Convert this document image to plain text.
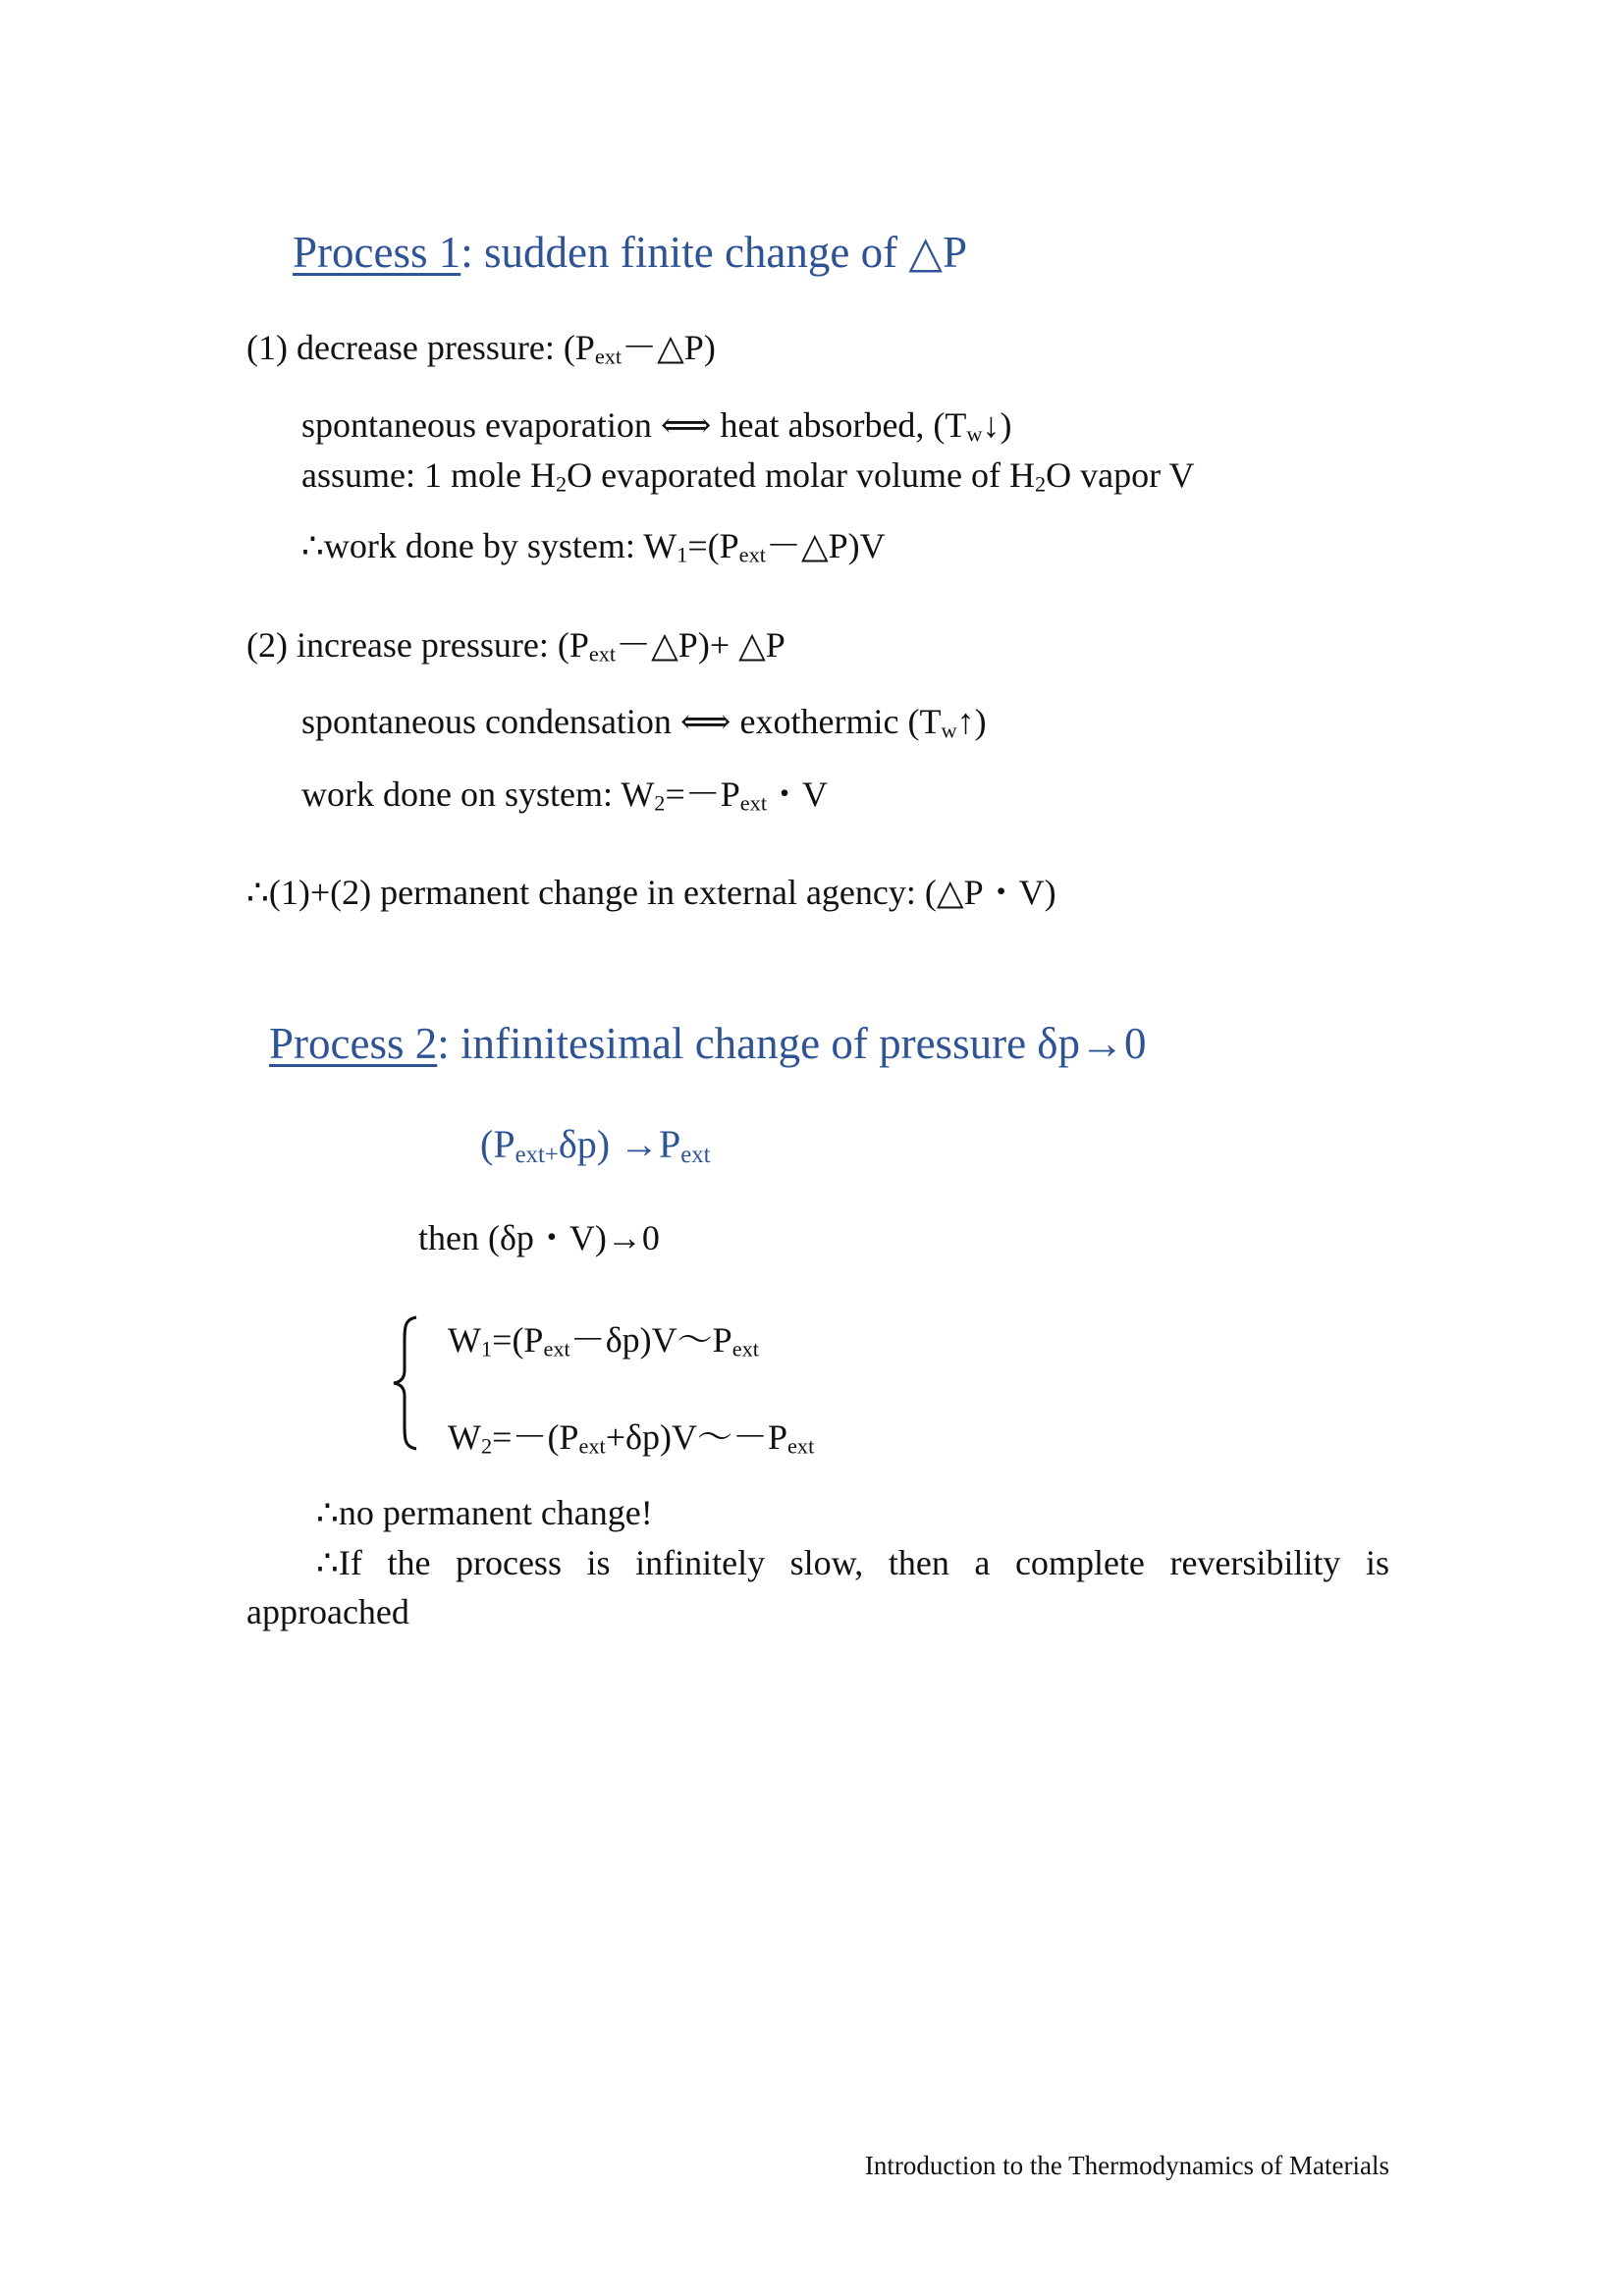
Process 1: sudden finite change of △P
(1) decrease pressure: $(P_{ext}-\triangle P)$
spontaneous evaporation ⟺ heat absorbed, $(T_w↓)$
assume: 1 mole $H_2O$ evaporated molar volume of $H_2O$ vapor V
∴work done by system: $W_1=(P_{ext}-\triangle P)V$
(2) increase pressure: $(P_{ext}-\triangle P)+$ △P
spontaneous condensation ⟺ exothermic $(T_w↑)$
work done on system: $W_2=-P_{ext}$・V
∴(1)+(2) permanent change in external agency: (△P・V)
Process 2: infinitesimal change of pressure δp→0
$(P_{ext+}\delta p) \to P_{ext}$
then (δp・V)→0
$W_1=(P_{ext}-\delta p)V\sim P_{ext}$
$W_2=-(P_{ext}+\delta p)V\sim-P_{ext}$
∴no permanent change!
∴If the process is infinitely slow, then a complete reversibility is
approached
Introduction to the Thermodynamics of Materials
